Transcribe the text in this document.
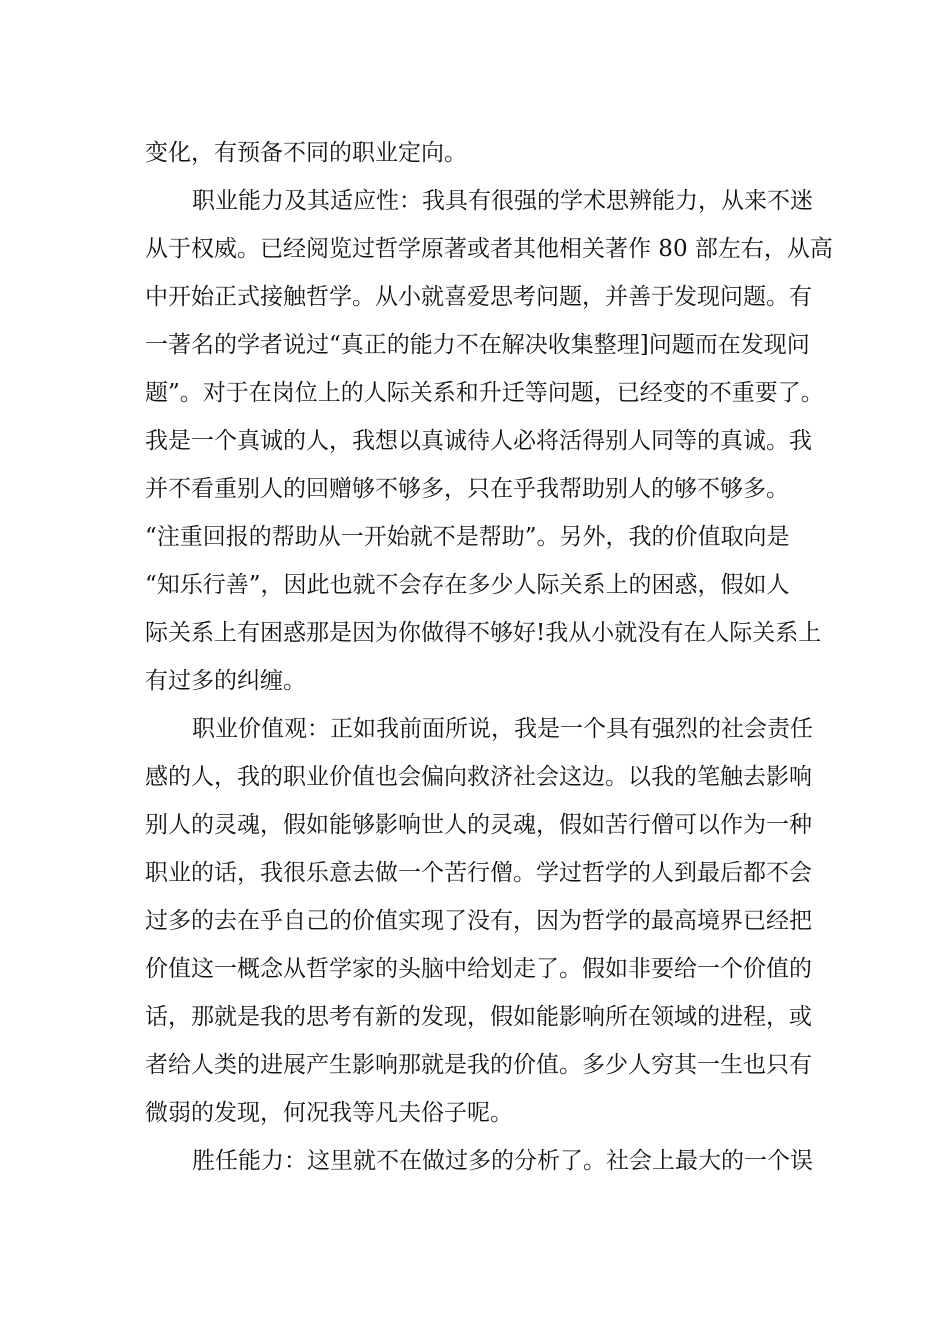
变化，有预备不同的职业定向。
职业能力及其适应性：我具有很强的学术思辨能力，从来不迷
从于权威。已经阅览过哲学原著或者其他相关著作 80 部左右，从高
中开始正式接触哲学。从小就喜爱思考问题，并善于发现问题。有
一著名的学者说过“真正的能力不在解决收集整理]问题而在发现问
题”。对于在岗位上的人际关系和升迁等问题，已经变的不重要了。
我是一个真诚的人，我想以真诚待人必将活得别人同等的真诚。我
并不看重别人的回赠够不够多，只在乎我帮助别人的够不够多。
“注重回报的帮助从一开始就不是帮助”。另外，我的价值取向是
“知乐行善”，因此也就不会存在多少人际关系上的困惑，假如人
际关系上有困惑那是因为你做得不够好!我从小就没有在人际关系上
有过多的纠缠。
职业价值观：正如我前面所说，我是一个具有强烈的社会责任
感的人，我的职业价值也会偏向救济社会这边。以我的笔触去影响
别人的灵魂，假如能够影响世人的灵魂，假如苦行僧可以作为一种
职业的话，我很乐意去做一个苦行僧。学过哲学的人到最后都不会
过多的去在乎自己的价值实现了没有，因为哲学的最高境界已经把
价值这一概念从哲学家的头脑中给划走了。假如非要给一个价值的
话，那就是我的思考有新的发现，假如能影响所在领域的进程，或
者给人类的进展产生影响那就是我的价值。多少人穷其一生也只有
微弱的发现，何况我等凡夫俗子呢。
胜任能力：这里就不在做过多的分析了。社会上最大的一个误
